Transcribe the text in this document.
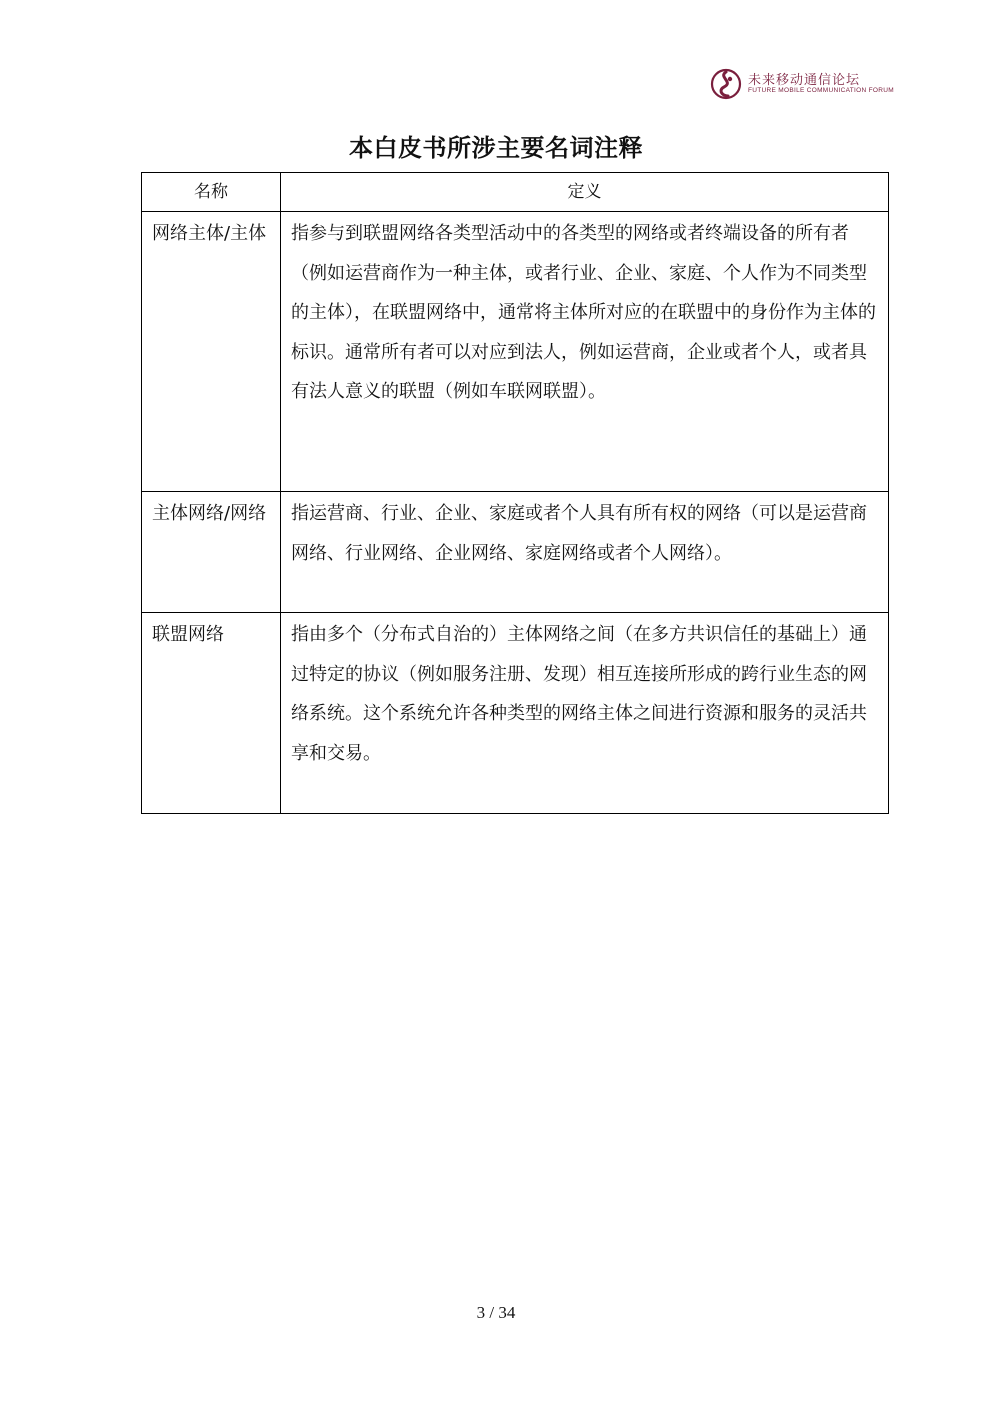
未来移动通信论坛
FUTURE MOBILE COMMUNICATION FORUM
本白皮书所涉主要名词注释
名称	定义
网络主体/主体	指参与到联盟网络各类型活动中的各类型的网络或者终端设备的所有者（例如运营商作为一种主体，或者行业、企业、家庭、个人作为不同类型的主体），在联盟网络中，通常将主体所对应的在联盟中的身份作为主体的标识。通常所有者可以对应到法人，例如运营商，企业或者个人，或者具有法人意义的联盟（例如车联网联盟）。
主体网络/网络	指运营商、行业、企业、家庭或者个人具有所有权的网络（可以是运营商网络、行业网络、企业网络、家庭网络或者个人网络）。
联盟网络	指由多个（分布式自治的）主体网络之间（在多方共识信任的基础上）通过特定的协议（例如服务注册、发现）相互连接所形成的跨行业生态的网络系统。这个系统允许各种类型的网络主体之间进行资源和服务的灵活共享和交易。
3 / 34
